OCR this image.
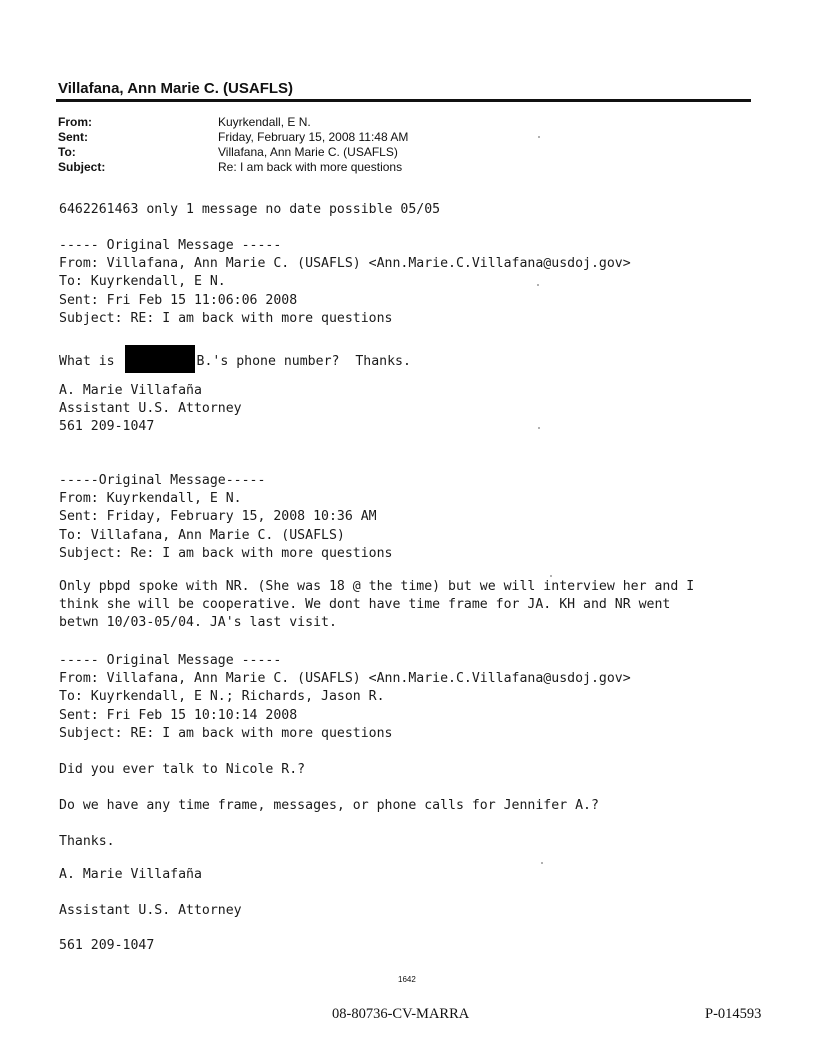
Villafana, Ann Marie C. (USAFLS)
From:	Kuyrkendall, E N.
Sent:	Friday, February 15, 2008 11:48 AM
To:	Villafana, Ann Marie C. (USAFLS)
Subject:	Re: I am back with more questions
6462261463 only 1 message no date possible 05/05
----- Original Message -----
From: Villafana, Ann Marie C. (USAFLS) <Ann.Marie.C.Villafana@usdoj.gov>
To: Kuyrkendall, E N.
Sent: Fri Feb 15 11:06:06 2008
Subject: RE: I am back with more questions
What is	B.'s phone number?  Thanks.
A. Marie Villafaña
Assistant U.S. Attorney
561 209-1047
-----Original Message-----
From: Kuyrkendall, E N.
Sent: Friday, February 15, 2008 10:36 AM
To: Villafana, Ann Marie C. (USAFLS)
Subject: Re: I am back with more questions
Only pbpd spoke with NR. (She was 18 @ the time) but we will interview her and I
think she will be cooperative. We dont have time frame for JA. KH and NR went
betwn 10/03-05/04. JA's last visit.
----- Original Message -----
From: Villafana, Ann Marie C. (USAFLS) <Ann.Marie.C.Villafana@usdoj.gov>
To: Kuyrkendall, E N.; Richards, Jason R.
Sent: Fri Feb 15 10:10:14 2008
Subject: RE: I am back with more questions
Did you ever talk to Nicole R.?
Do we have any time frame, messages, or phone calls for Jennifer A.?
Thanks.
A. Marie Villafaña
Assistant U.S. Attorney
561 209-1047
1642
08-80736-CV-MARRA	P-014593
